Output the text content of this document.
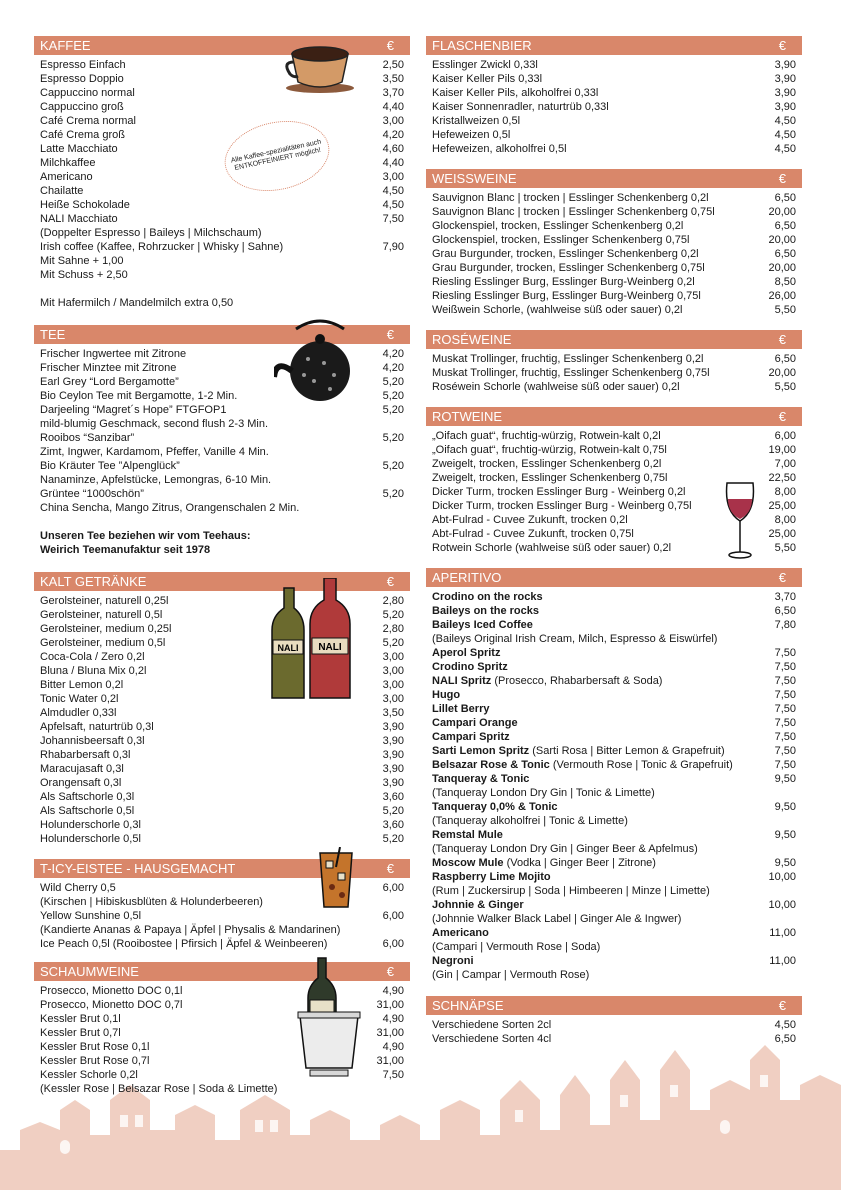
KAFFEE	€
Espresso Einfach	2,50
Espresso Doppio	3,50
Cappuccino normal	3,70
Cappuccino groß	4,40
Café Crema normal	3,00
Café Crema groß	4,20
Latte Macchiato	4,60
Milchkaffee	4,40
Americano	3,00
Chailatte	4,50
Heiße Schokolade	4,50
NALI Macchiato	7,50
(Doppelter Espresso | Baileys | Milchschaum)
Irish coffee (Kaffee, Rohrzucker | Whisky | Sahne)	7,90
Mit Sahne + 1,00
Mit Schuss + 2,50
Mit Hafermilch / Mandelmilch extra 0,50
Alle Kaffee-spezialitäten auch ENTKOFFEINIERT möglich!
TEE	€
Frischer Ingwertee mit Zitrone	4,20
Frischer Minztee mit Zitrone	4,20
Earl Grey “Lord Bergamotte”	5,20
Bio Ceylon Tee mit Bergamotte, 1-2 Min.	5,20
Darjeeling “Magret´s Hope” FTGFOP1	5,20
mild-blumig Geschmack, second flush 2-3 Min.
Rooibos “Sanzibar”	5,20
Zimt, Ingwer, Kardamom, Pfeffer, Vanille 4 Min.
Bio Kräuter Tee ”Alpenglück”	5,20
Nanaminze, Apfelstücke, Lemongras, 6-10 Min.
Grüntee “1000schön”	5,20
China Sencha, Mango Zitrus, Orangenschalen 2 Min.
Unseren Tee beziehen wir vom Teehaus:
Weirich Teemanufaktur seit 1978
KALT GETRÄNKE	€
Gerolsteiner, naturell 0,25l	2,80
Gerolsteiner, naturell 0,5l	5,20
Gerolsteiner, medium 0,25l	2,80
Gerolsteiner, medium 0,5l	5,20
Coca-Cola / Zero 0,2l	3,00
Bluna / Bluna Mix 0,2l	3,00
Bitter Lemon 0,2l	3,00
Tonic Water 0,2l	3,00
Almdudler 0,33l	3,50
Apfelsaft, naturtrüb 0,3l	3,90
Johannisbeersaft 0,3l	3,90
Rhabarbersaft 0,3l	3,90
Maracujasaft 0,3l	3,90
Orangensaft 0,3l	3,90
Als Saftschorle 0,3l	3,60
Als Saftschorle 0,5l	5,20
Holunderschorle 0,3l	3,60
Holunderschorle 0,5l	5,20
NALI NALI
T-ICY-EISTEE - HAUSGEMACHT	€
Wild Cherry 0,5	6,00
(Kirschen | Hibiskusblüten & Holunderbeeren)
Yellow Sunshine 0,5l	6,00
(Kandierte Ananas & Papaya | Äpfel | Physalis & Mandarinen)
Ice Peach 0,5l (Rooibostee | Pfirsich | Äpfel & Weinbeeren)	6,00
SCHAUMWEINE	€
Prosecco, Mionetto DOC 0,1l	4,90
Prosecco, Mionetto DOC 0,7l	31,00
Kessler Brut 0,1l	4,90
Kessler Brut 0,7l	31,00
Kessler Brut Rose 0,1l	4,90
Kessler Brut Rose 0,7l	31,00
Kessler Schorle 0,2l	7,50
(Kessler Rose | Belsazar Rose | Soda & Limette)
FLASCHENBIER	€
Esslinger Zwickl 0,33l	3,90
Kaiser Keller Pils 0,33l	3,90
Kaiser Keller Pils, alkoholfrei 0,33l	3,90
Kaiser Sonnenradler, naturtrüb 0,33l	3,90
Kristallweizen 0,5l	4,50
Hefeweizen 0,5l	4,50
Hefeweizen, alkoholfrei 0,5l	4,50
WEISSWEINE	€
Sauvignon Blanc | trocken | Esslinger Schenkenberg 0,2l	6,50
Sauvignon Blanc | trocken | Esslinger Schenkenberg 0,75l	20,00
Glockenspiel, trocken, Esslinger Schenkenberg 0,2l	6,50
Glockenspiel, trocken, Esslinger Schenkenberg 0,75l	20,00
Grau Burgunder, trocken, Esslinger Schenkenberg 0,2l	6,50
Grau Burgunder, trocken, Esslinger Schenkenberg 0,75l	20,00
Riesling Esslinger Burg, Esslinger Burg-Weinberg 0,2l	8,50
Riesling Esslinger Burg, Esslinger Burg-Weinberg 0,75l	26,00
Weißwein Schorle, (wahlweise süß oder sauer) 0,2l	5,50
ROSÉWEINE	€
Muskat Trollinger, fruchtig, Esslinger Schenkenberg 0,2l	6,50
Muskat Trollinger, fruchtig, Esslinger Schenkenberg 0,75l	20,00
Roséwein Schorle (wahlweise süß oder sauer) 0,2l	5,50
ROTWEINE	€
„Oifach guat“, fruchtig-würzig, Rotwein-kalt 0,2l	6,00
„Oifach guat“, fruchtig-würzig, Rotwein-kalt 0,75l	19,00
Zweigelt, trocken, Esslinger Schenkenberg 0,2l	7,00
Zweigelt, trocken, Esslinger Schenkenberg 0,75l	22,50
Dicker Turm, trocken Esslinger Burg - Weinberg 0,2l	8,00
Dicker Turm, trocken Esslinger Burg - Weinberg 0,75l	25,00
Abt-Fulrad - Cuvee Zukunft, trocken 0,2l	8,00
Abt-Fulrad - Cuvee Zukunft, trocken 0,75l	25,00
Rotwein Schorle (wahlweise süß oder sauer) 0,2l	5,50
APERITIVO	€
Crodino on the rocks	3,70
Baileys on the rocks	6,50
Baileys Iced Coffee	7,80
(Baileys Original Irish Cream, Milch, Espresso & Eiswürfel)
Aperol Spritz	7,50
Crodino Spritz	7,50
NALI Spritz (Prosecco, Rhabarbersaft & Soda)	7,50
Hugo	7,50
Lillet Berry	7,50
Campari Orange	7,50
Campari Spritz	7,50
Sarti Lemon Spritz (Sarti Rosa | Bitter Lemon & Grapefruit)	7,50
Belsazar Rose & Tonic (Vermouth Rose | Tonic & Grapefruit)	7,50
Tanqueray & Tonic	9,50
(Tanqueray London Dry Gin | Tonic & Limette)
Tanqueray 0,0% & Tonic	9,50
(Tanqueray alkoholfrei | Tonic & Limette)
Remstal Mule	9,50
(Tanqueray London Dry Gin | Ginger Beer & Apfelmus)
Moscow Mule (Vodka | Ginger Beer | Zitrone)	9,50
Raspberry Lime Mojito	10,00
(Rum | Zuckersirup | Soda | Himbeeren | Minze | Limette)
Johnnie & Ginger	10,00
(Johnnie Walker Black Label | Ginger Ale & Ingwer)
Americano	11,00
(Campari | Vermouth Rose | Soda)
Negroni	11,00
(Gin | Campar | Vermouth Rose)
SCHNÄPSE	€
Verschiedene Sorten 2cl	4,50
Verschiedene Sorten 4cl	6,50
